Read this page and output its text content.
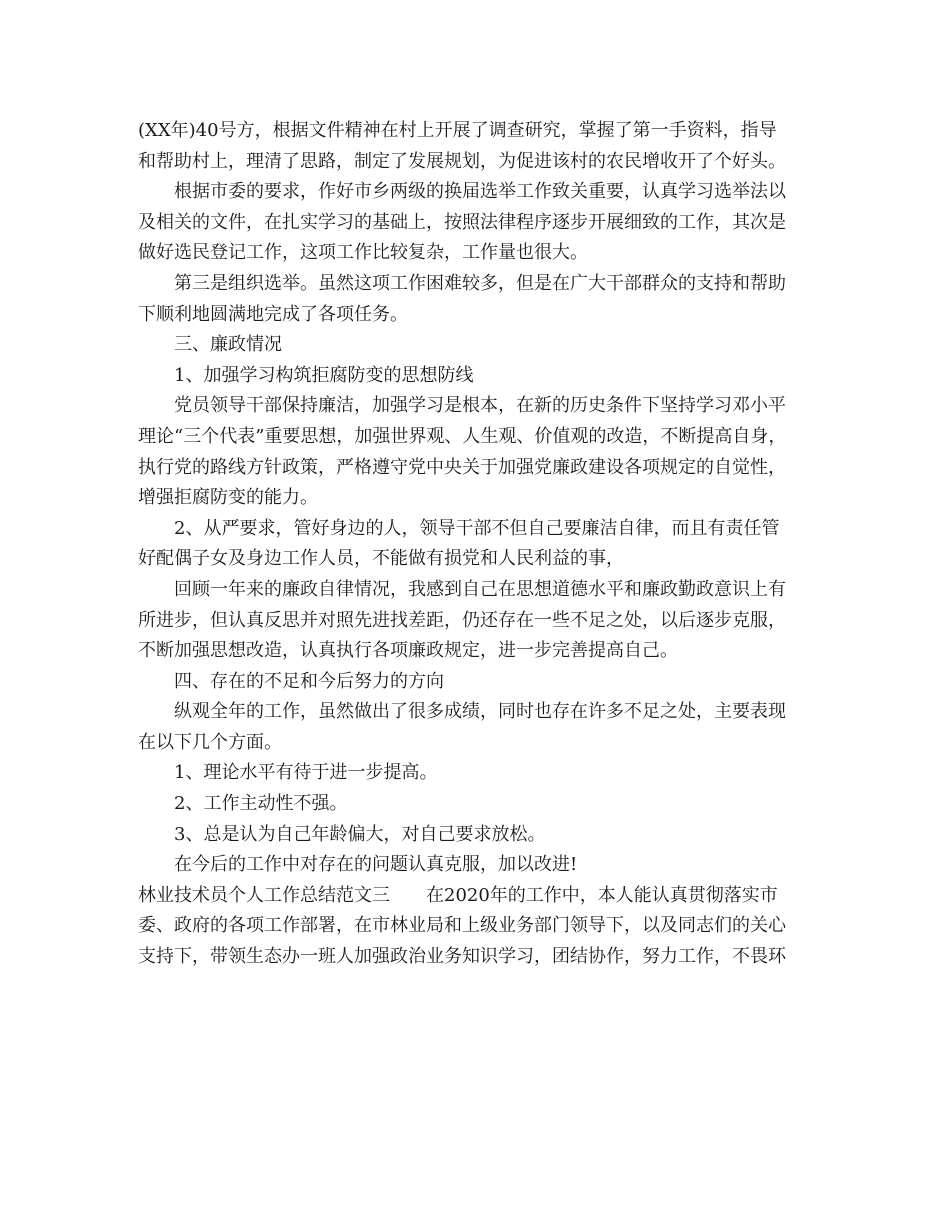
(XX年)40号方，根据文件精神在村上开展了调查研究，掌握了第一手资料，指导

和帮助村上，理清了思路，制定了发展规划，为促进该村的农民增收开了个好头。

根据市委的要求，作好市乡两级的换届选举工作致关重要，认真学习选举法以

及相关的文件，在扎实学习的基础上，按照法律程序逐步开展细致的工作，其次是

做好选民登记工作，这项工作比较复杂，工作量也很大。

第三是组织选举。虽然这项工作困难较多，但是在广大干部群众的支持和帮助

下顺利地圆满地完成了各项任务。

三、廉政情况

1、加强学习构筑拒腐防变的思想防线

党员领导干部保持廉洁，加强学习是根本，在新的历史条件下坚持学习邓小平

理论“三个代表”重要思想，加强世界观、人生观、价值观的改造，不断提高自身，

执行党的路线方针政策，严格遵守党中央关于加强党廉政建设各项规定的自觉性，

增强拒腐防变的能力。

2、从严要求，管好身边的人，领导干部不但自己要廉洁自律，而且有责任管

好配偶子女及身边工作人员，不能做有损党和人民利益的事，

回顾一年来的廉政自律情况，我感到自己在思想道德水平和廉政勤政意识上有

所进步，但认真反思并对照先进找差距，仍还存在一些不足之处，以后逐步克服，

不断加强思想改造，认真执行各项廉政规定，进一步完善提高自己。

四、存在的不足和今后努力的方向

纵观全年的工作，虽然做出了很多成绩，同时也存在许多不足之处，主要表现

在以下几个方面。

1、理论水平有待于进一步提高。

2、工作主动性不强。

3、总是认为自己年龄偏大，对自己要求放松。

在今后的工作中对存在的问题认真克服，加以改进!

林业技术员个人工作总结范文三　　在2020年的工作中，本人能认真贯彻落实市

委、政府的各项工作部署，在市林业局和上级业务部门领导下，以及同志们的关心

支持下，带领生态办一班人加强政治业务知识学习，团结协作，努力工作，不畏环
